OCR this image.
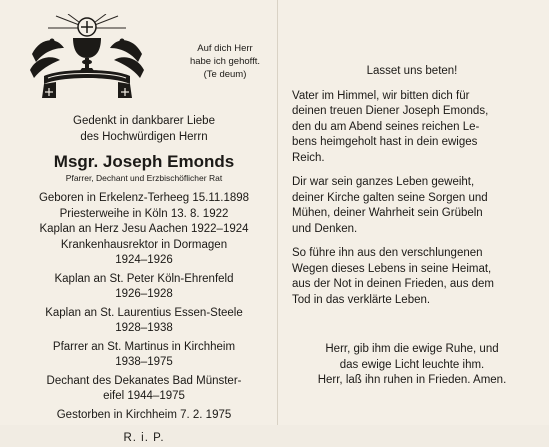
Auf dich Herr
habe ich gehofft.
(Te deum)
Gedenkt in dankbarer Liebe
des Hochwürdigen Herrn
Msgr. Joseph Emonds
Pfarrer, Dechant und Erzbischöflicher Rat
Geboren in Erkelenz-Terheeg 15.11.1898
Priesterweihe in Köln 13. 8. 1922
Kaplan an Herz Jesu Aachen 1922–1924
Krankenhausrektor in Dormagen
1924–1926
Kaplan an St. Peter Köln-Ehrenfeld
1926–1928
Kaplan an St. Laurentius Essen-Steele
1928–1938
Pfarrer an St. Martinus in Kirchheim
1938–1975
Dechant des Dekanates Bad Münster-
eifel 1944–1975
Gestorben in Kirchheim 7. 2. 1975
R. i. P.
Lasset uns beten!
Vater im Himmel, wir bitten dich für
deinen treuen Diener Joseph Emonds,
den du am Abend seines reichen Le-
bens heimgeholt hast in dein ewiges
Reich.
Dir war sein ganzes Leben geweiht,
deiner Kirche galten seine Sorgen und
Mühen, deiner Wahrheit sein Grübeln
und Denken.
So führe ihn aus den verschlungenen
Wegen dieses Lebens in seine Heimat,
aus der Not in deinen Frieden, aus dem
Tod in das verklärte Leben.
Herr, gib ihm die ewige Ruhe, und
das ewige Licht leuchte ihm.
Herr, laß ihn ruhen in Frieden. Amen.
